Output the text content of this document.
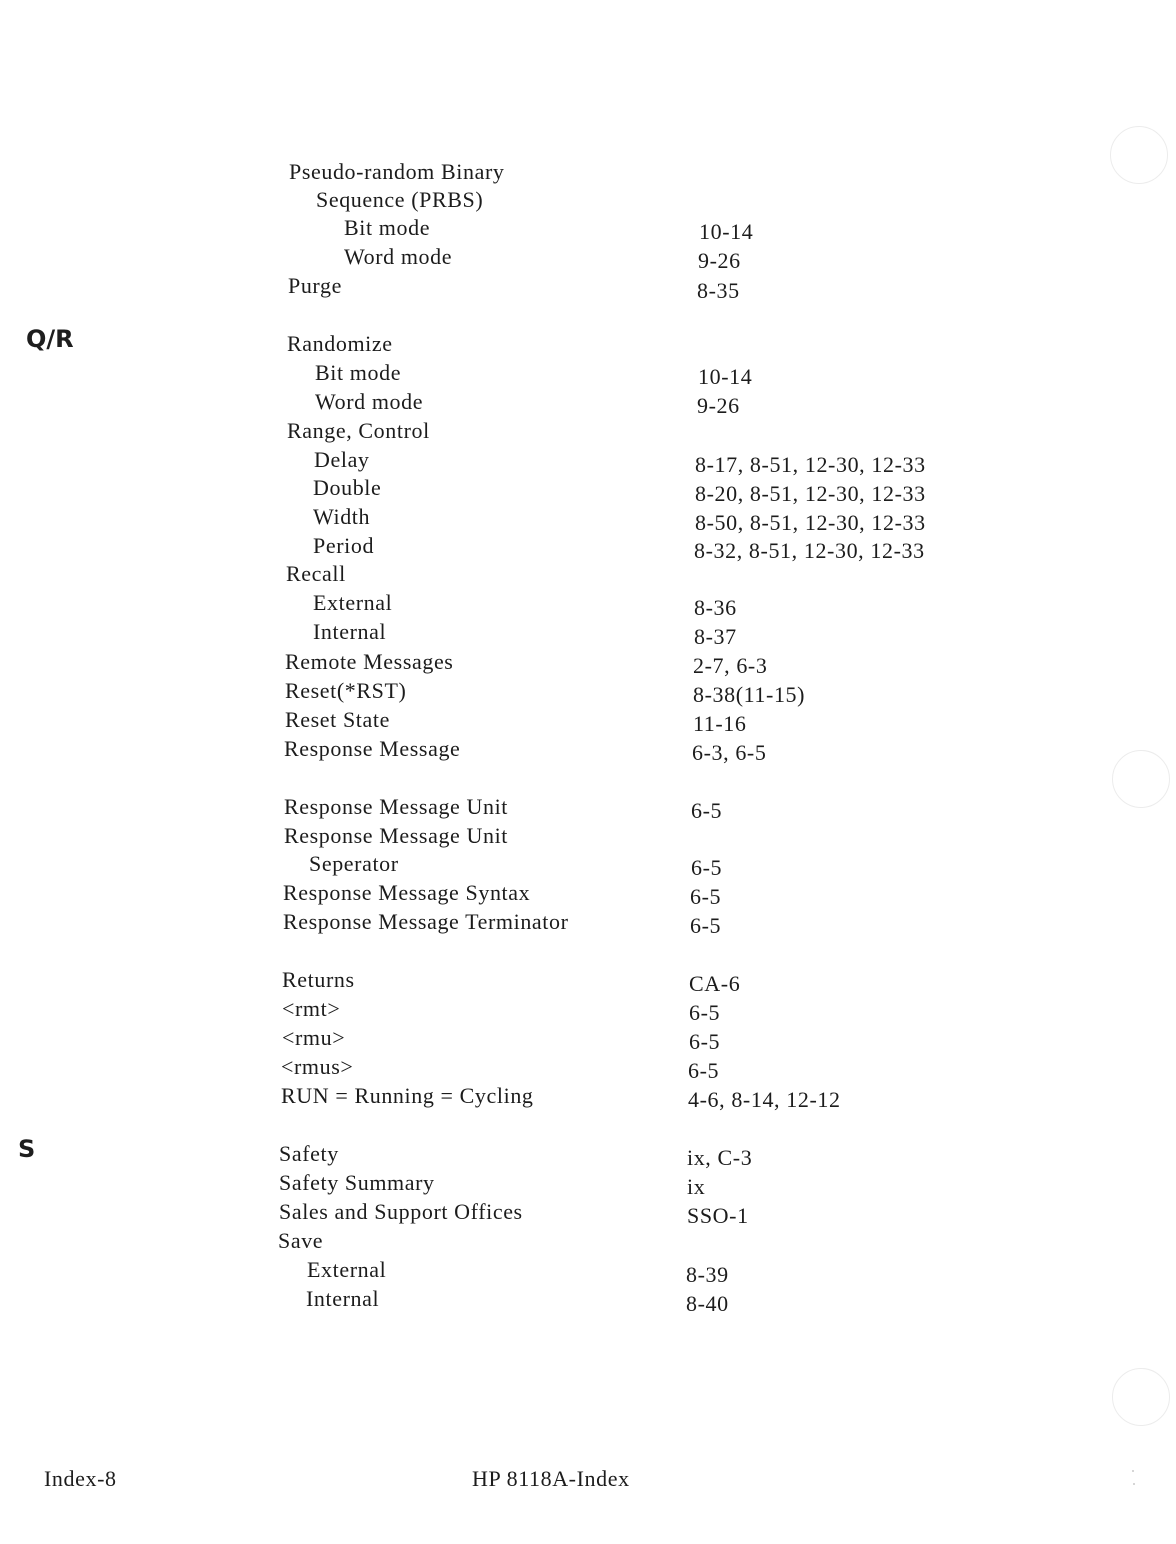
Q/R
S
Pseudo-random Binary
Sequence (PRBS)
Bit mode	10-14
Word mode	9-26
Purge	8-35
Randomize
Bit mode	10-14
Word mode	9-26
Range, Control
Delay	8-17, 8-51, 12-30, 12-33
Double	8-20, 8-51, 12-30, 12-33
Width	8-50, 8-51, 12-30, 12-33
Period	8-32, 8-51, 12-30, 12-33
Recall
External	8-36
Internal	8-37
Remote Messages	2-7, 6-3
Reset(*RST)	8-38(11-15)
Reset State	11-16
Response Message	6-3, 6-5
Response Message Unit	6-5
Response Message Unit
Seperator	6-5
Response Message Syntax	6-5
Response Message Terminator	6-5
Returns	CA-6
<rmt>	6-5
<rmu>	6-5
<rmus>	6-5
RUN = Running = Cycling	4-6, 8-14, 12-12
Safety	ix, C-3
Safety Summary	ix
Sales and Support Offices	SSO-1
Save
External	8-39
Internal	8-40
Index-8	HP 8118A-Index
